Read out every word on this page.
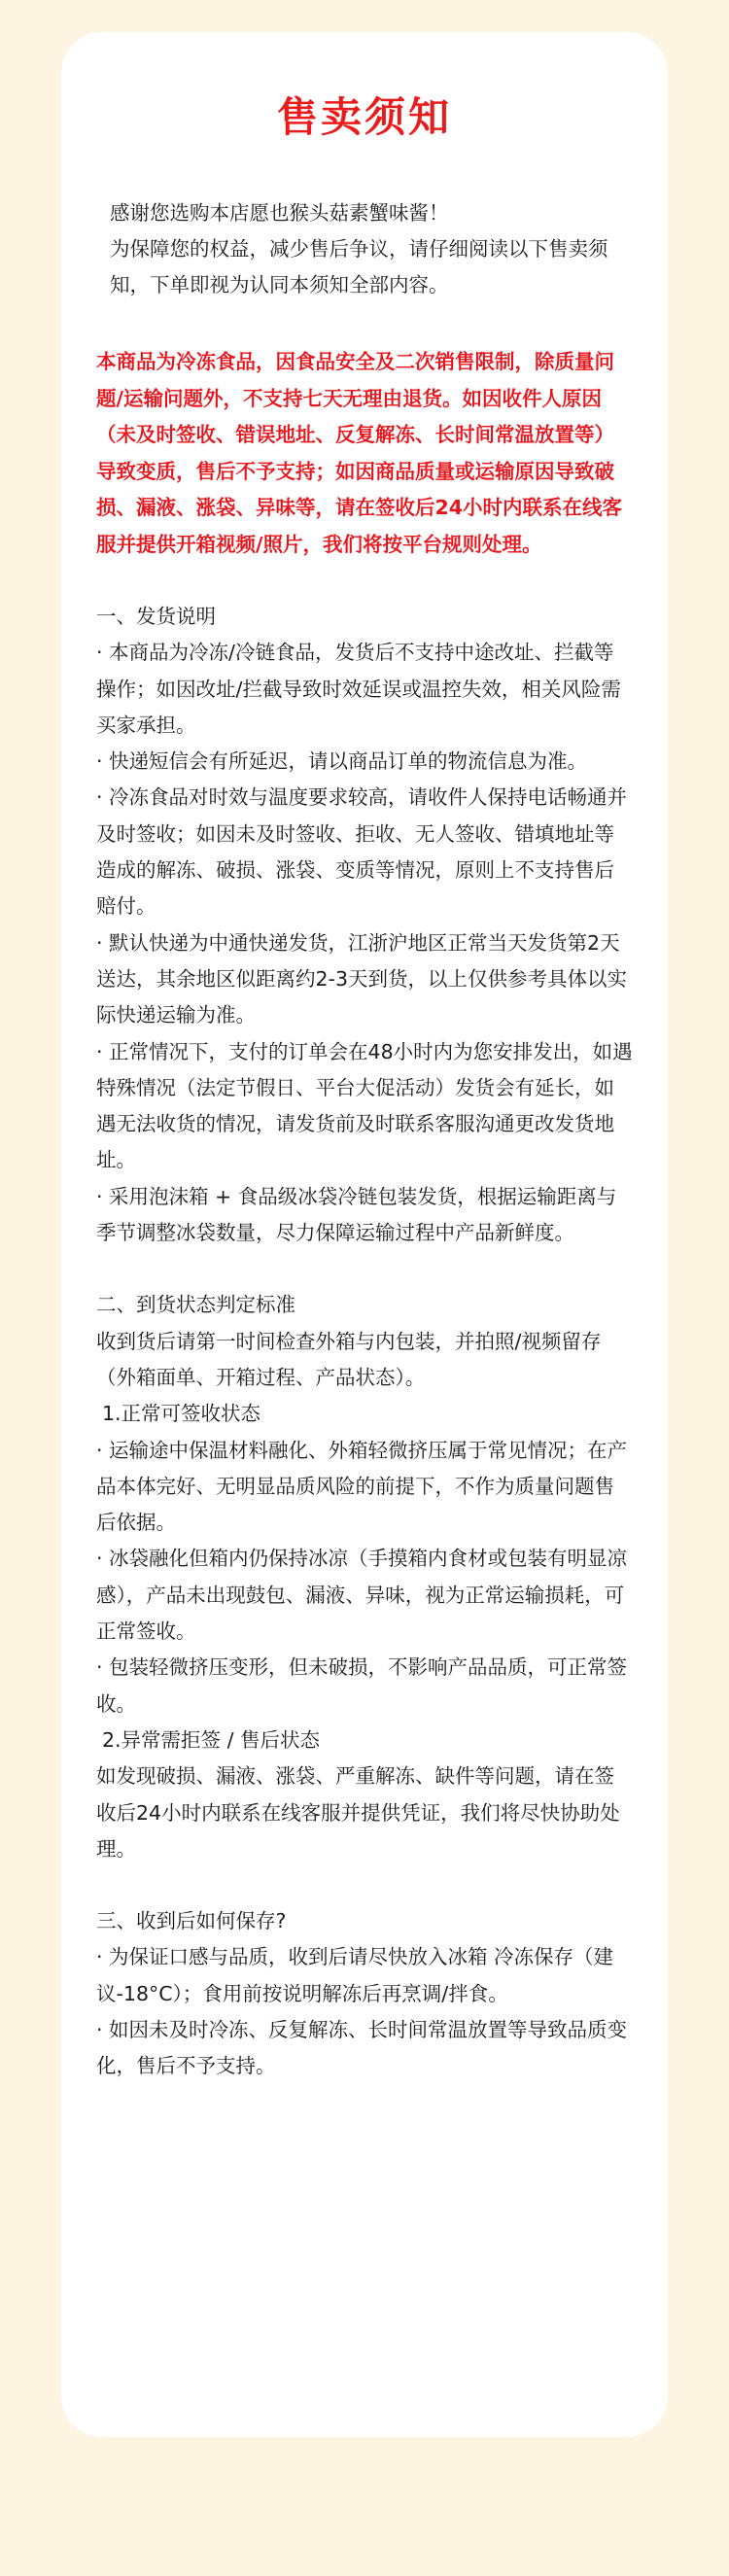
售卖须知

感谢您选购本店愿也猴头菇素蟹味酱！

为保障您的权益，减少售后争议，请仔细阅读以下售卖须知，下单即视为认同本须知全部内容。

本商品为冷冻食品，因食品安全及二次销售限制，除质量问题/运输问题外，不支持七天无理由退货。如因收件人原因（未及时签收、错误地址、反复解冻、长时间常温放置等）导致变质，售后不予支持；如因商品质量或运输原因导致破损、漏液、涨袋、异味等，请在签收后24小时内联系在线客服并提供开箱视频/照片，我们将按平台规则处理。

一、发货说明

· 本商品为冷冻/冷链食品，发货后不支持中途改址、拦截等操作；如因改址/拦截导致时效延误或温控失效，相关风险需买家承担。

· 快递短信会有所延迟，请以商品订单的物流信息为准。

· 冷冻食品对时效与温度要求较高，请收件人保持电话畅通并及时签收；如因未及时签收、拒收、无人签收、错填地址等造成的解冻、破损、涨袋、变质等情况，原则上不支持售后赔付。

· 默认快递为中通快递发货，江浙沪地区正常当天发货第2天送达，其余地区似距离约2-3天到货，以上仅供参考具体以实际快递运输为准。

· 正常情况下，支付的订单会在48小时内为您安排发出，如遇特殊情况（法定节假日、平台大促活动）发货会有延长，如遇无法收货的情况，请发货前及时联系客服沟通更改发货地址。

· 采用泡沫箱 + 食品级冰袋冷链包装发货，根据运输距离与季节调整冰袋数量，尽力保障运输过程中产品新鲜度。

二、到货状态判定标准

收到货后请第一时间检查外箱与内包装，并拍照/视频留存（外箱面单、开箱过程、产品状态）。

1.正常可签收状态

· 运输途中保温材料融化、外箱轻微挤压属于常见情况；在产品本体完好、无明显品质风险的前提下，不作为质量问题售后依据。

· 冰袋融化但箱内仍保持冰凉（手摸箱内食材或包装有明显凉感），产品未出现鼓包、漏液、异味，视为正常运输损耗，可正常签收。

· 包装轻微挤压变形，但未破损，不影响产品品质，可正常签收。

2.异常需拒签 / 售后状态

如发现破损、漏液、涨袋、严重解冻、缺件等问题，请在签收后24小时内联系在线客服并提供凭证，我们将尽快协助处理。

三、收到后如何保存?

· 为保证口感与品质，收到后请尽快放入冰箱 冷冻保存（建议-18°C）；食用前按说明解冻后再烹调/拌食。

· 如因未及时冷冻、反复解冻、长时间常温放置等导致品质变化，售后不予支持。
